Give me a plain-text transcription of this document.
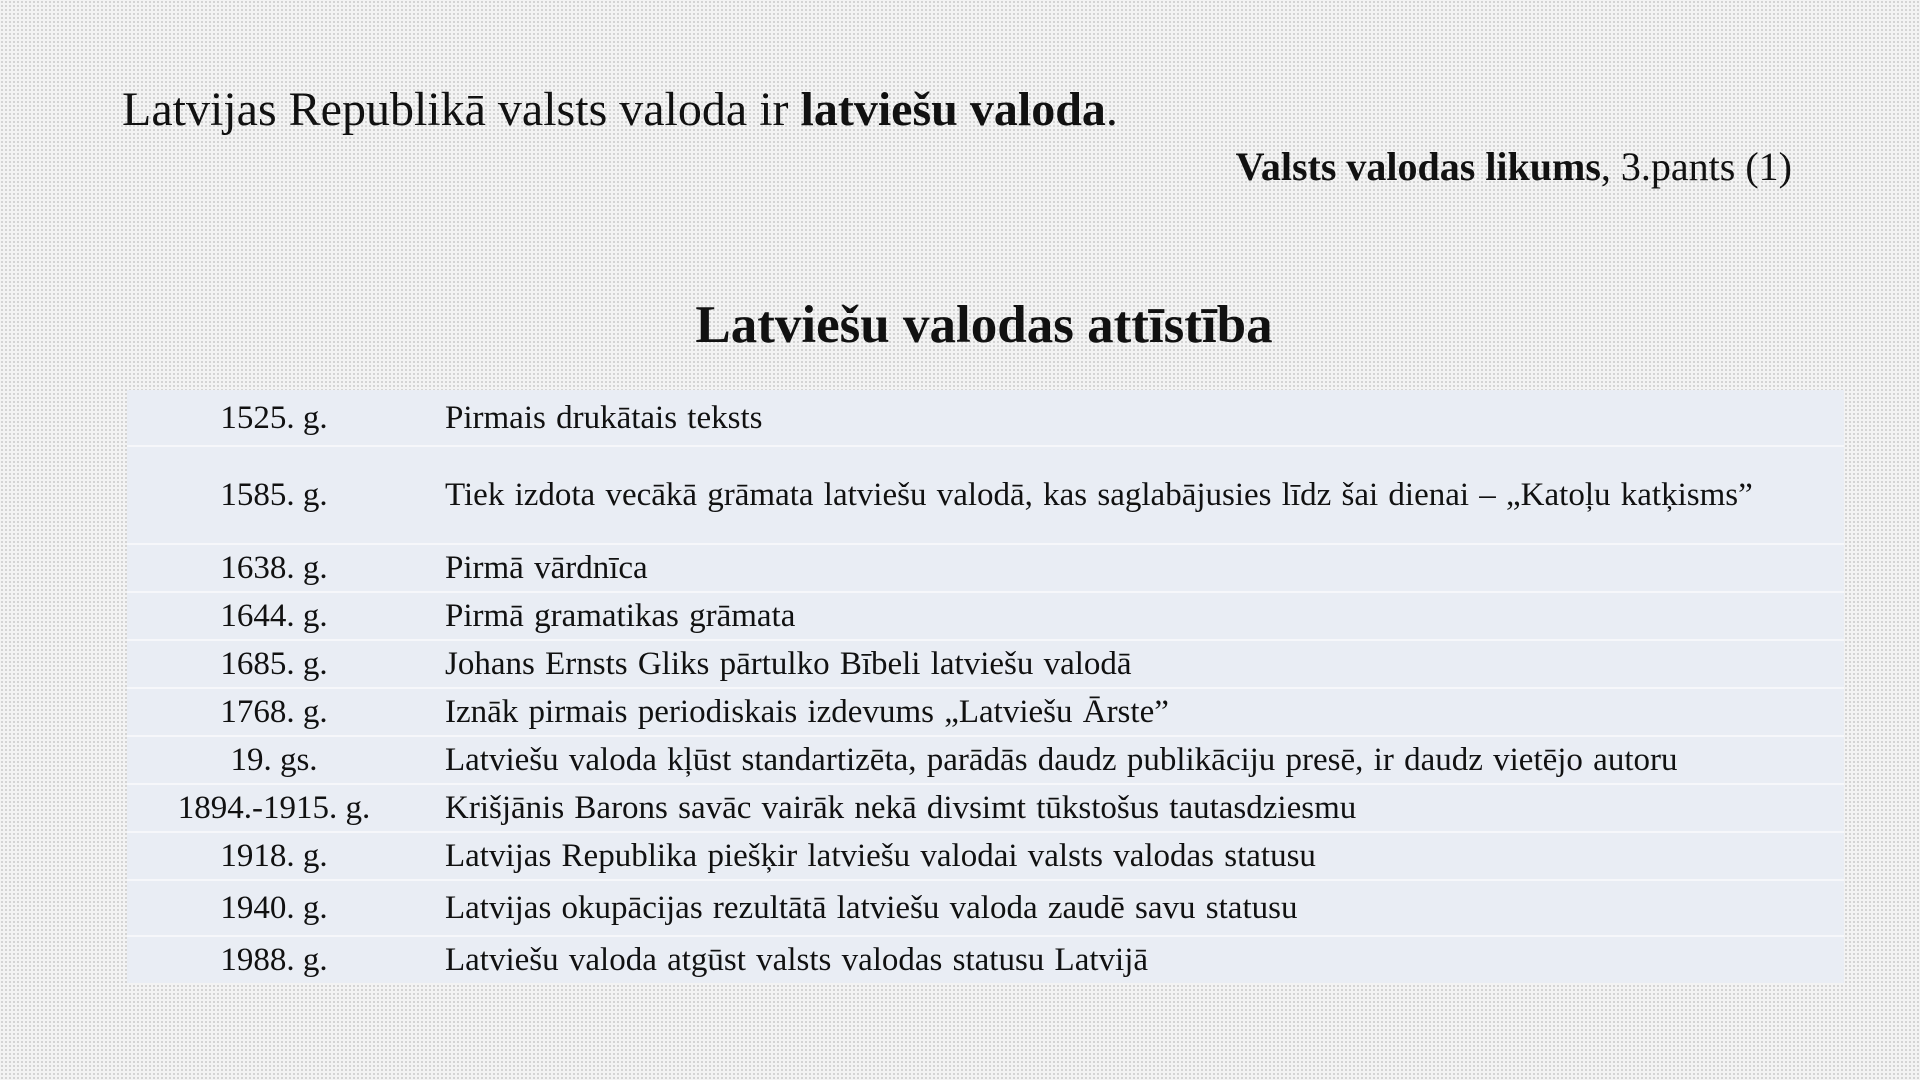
Latvijas Republikā valsts valoda ir latviešu valoda.
Valsts valodas likums, 3.pants (1)
Latviešu valodas attīstība
1525. g.	Pirmais drukātais teksts
1585. g.	Tiek izdota vecākā grāmata latviešu valodā, kas saglabājusies līdz šai dienai – „Katoļu katķisms”
1638. g.	Pirmā vārdnīca
1644. g.	Pirmā gramatikas grāmata
1685. g.	Johans Ernsts Gliks pārtulko Bībeli latviešu valodā
1768. g.	Iznāk pirmais periodiskais izdevums „Latviešu Ārste”
19. gs.	Latviešu valoda kļūst standartizēta, parādās daudz publikāciju presē, ir daudz vietējo autoru
1894.-1915. g.	Krišjānis Barons savāc vairāk nekā divsimt tūkstošus tautasdziesmu
1918. g.	Latvijas Republika piešķir latviešu valodai valsts valodas statusu
1940. g.	Latvijas okupācijas rezultātā latviešu valoda zaudē savu statusu
1988. g.	Latviešu valoda atgūst valsts valodas statusu Latvijā
